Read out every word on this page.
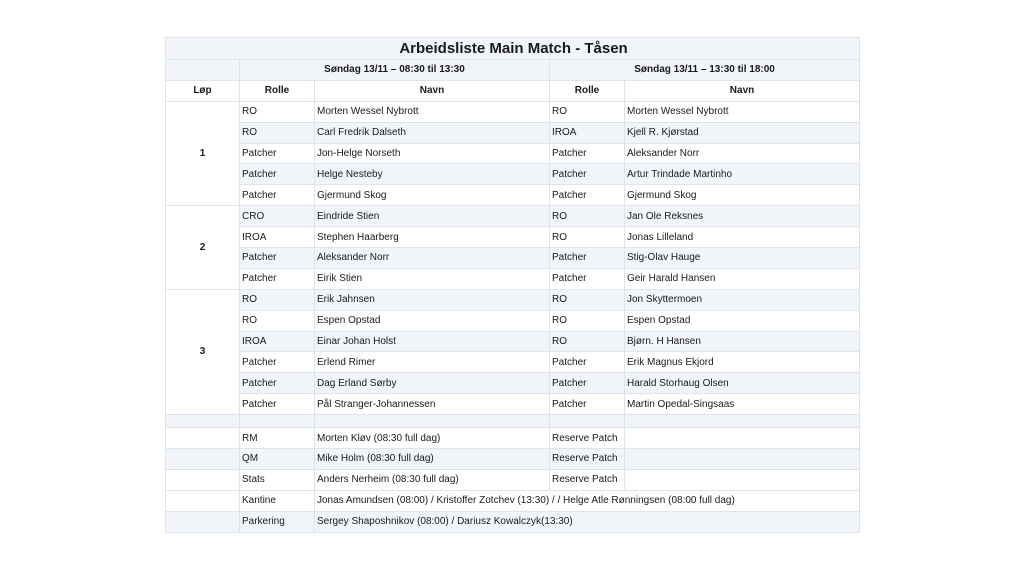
Arbeidsliste Main Match - Tåsen				
	Søndag 13/11 – 08:30 til 13:30		Søndag 13/11 – 13:30 til 18:00	
Løp	Rolle	Navn	Rolle	Navn
1	RO	Morten Wessel Nybrott	RO	Morten Wessel Nybrott
	RO	Carl Fredrik Dalseth	IROA	Kjell R. Kjørstad
	Patcher	Jon-Helge Norseth	Patcher	Aleksander Norr
	Patcher	Helge Nesteby	Patcher	Artur Trindade Martinho
	Patcher	Gjermund Skog	Patcher	Gjermund Skog
2	CRO	Eindride Stien	RO	Jan Ole Reksnes
	IROA	Stephen Haarberg	RO	Jonas Lilleland
	Patcher	Aleksander Norr	Patcher	Stig-Olav Hauge
	Patcher	Eirik Stien	Patcher	Geir Harald Hansen
3	RO	Erik Jahnsen	RO	Jon Skyttermoen
	RO	Espen Opstad	RO	Espen Opstad
	IROA	Einar Johan Holst	RO	Bjørn. H Hansen
	Patcher	Erlend Rimer	Patcher	Erik Magnus Ekjord
	Patcher	Dag Erland Sørby	Patcher	Harald Storhaug Olsen
	Patcher	Pål Stranger-Johannessen	Patcher	Martin Opedal-Singsaas

	RM	Morten Kløv (08:30 full dag)	Reserve Patch	
	QM	Mike Holm (08:30 full dag)	Reserve Patch	
	Stats	Anders Nerheim (08:30 full dag)	Reserve Patch	
	Kantine	Jonas Amundsen (08:00) / Kristoffer Zotchev (13:30) / / Helge Atle Rønningsen (08:00 full dag)		
	Parkering	Sergey Shaposhnikov (08:00) / Dariusz Kowalczyk(13:30)		
